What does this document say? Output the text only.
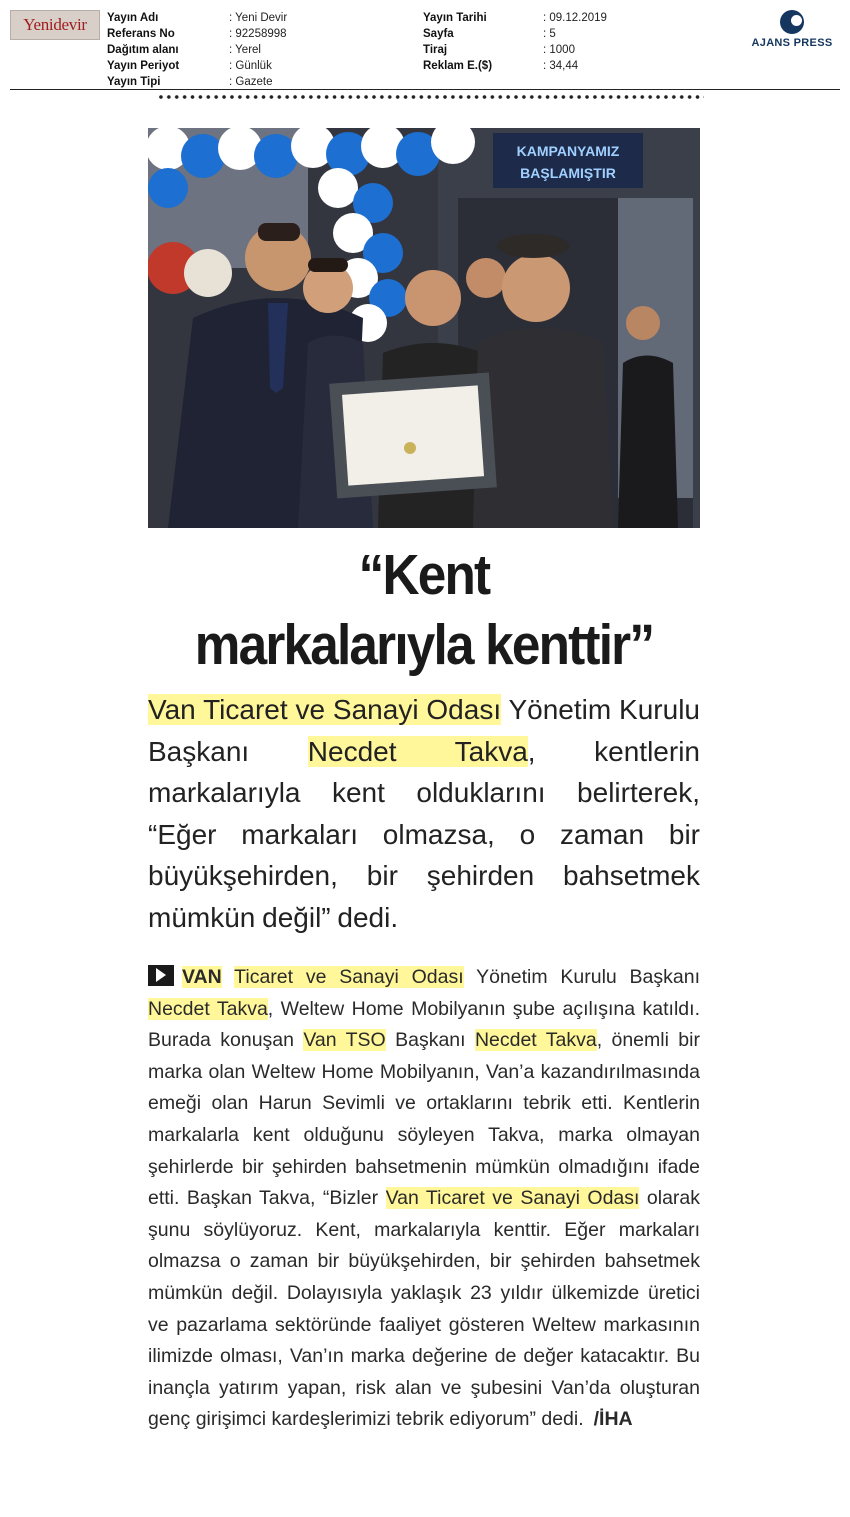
Yenidevir Yayın Adı	: Yeni Devir
Referans No	: 92258998
Dağıtım alanı	: Yerel
Yayın Periyot	: Günlük
Yayın Tipi	: Gazete
Yayın Tarihi	: 09.12.2019
Sayfa	: 5
Tiraj	: 1000
Reklam E.($)	: 34,44
AJANS PRESS
KAMPANYAMIZ
BAŞLAMIŞTIR
“Kent
markalarıyla kenttir”

Van Ticaret ve Sanayi Odası Yönetim Kurulu Başkanı Necdet Takva, kentlerin markalarıyla kent olduklarını belirterek, “Eğer markaları olmazsa, o zaman bir büyükşehirden, bir şehirden bahsetmek mümkün değil” dedi.

VAN Ticaret ve Sanayi Odası Yönetim Kurulu Başkanı Necdet Takva, Weltew Home Mobilyanın şube açılışına katıldı. Burada konuşan Van TSO Başkanı Necdet Takva, önemli bir marka olan Weltew Home Mobilyanın, Van’a kazandırılmasında emeği olan Harun Sevimli ve ortaklarını tebrik etti. Kentlerin markalarla kent olduğunu söyleyen Takva, marka olmayan şehirlerde bir şehirden bahsetmenin mümkün olmadığını ifade etti. Başkan Takva, “Bizler Van Ticaret ve Sanayi Odası olarak şunu söylüyoruz. Kent, markalarıyla kenttir. Eğer markaları olmazsa o zaman bir büyükşehirden, bir şehirden bahsetmek mümkün değil. Dolayısıyla yaklaşık 23 yıldır ülkemizde üretici ve pazarlama sektöründe faaliyet gösteren Weltew markasının ilimizde olması, Van’ın marka değerine de değer katacaktır. Bu inançla yatırım yapan, risk alan ve şubesini Van’da oluşturan genç girişimci kardeşlerimizi tebrik ediyorum” dedi. /İHA
